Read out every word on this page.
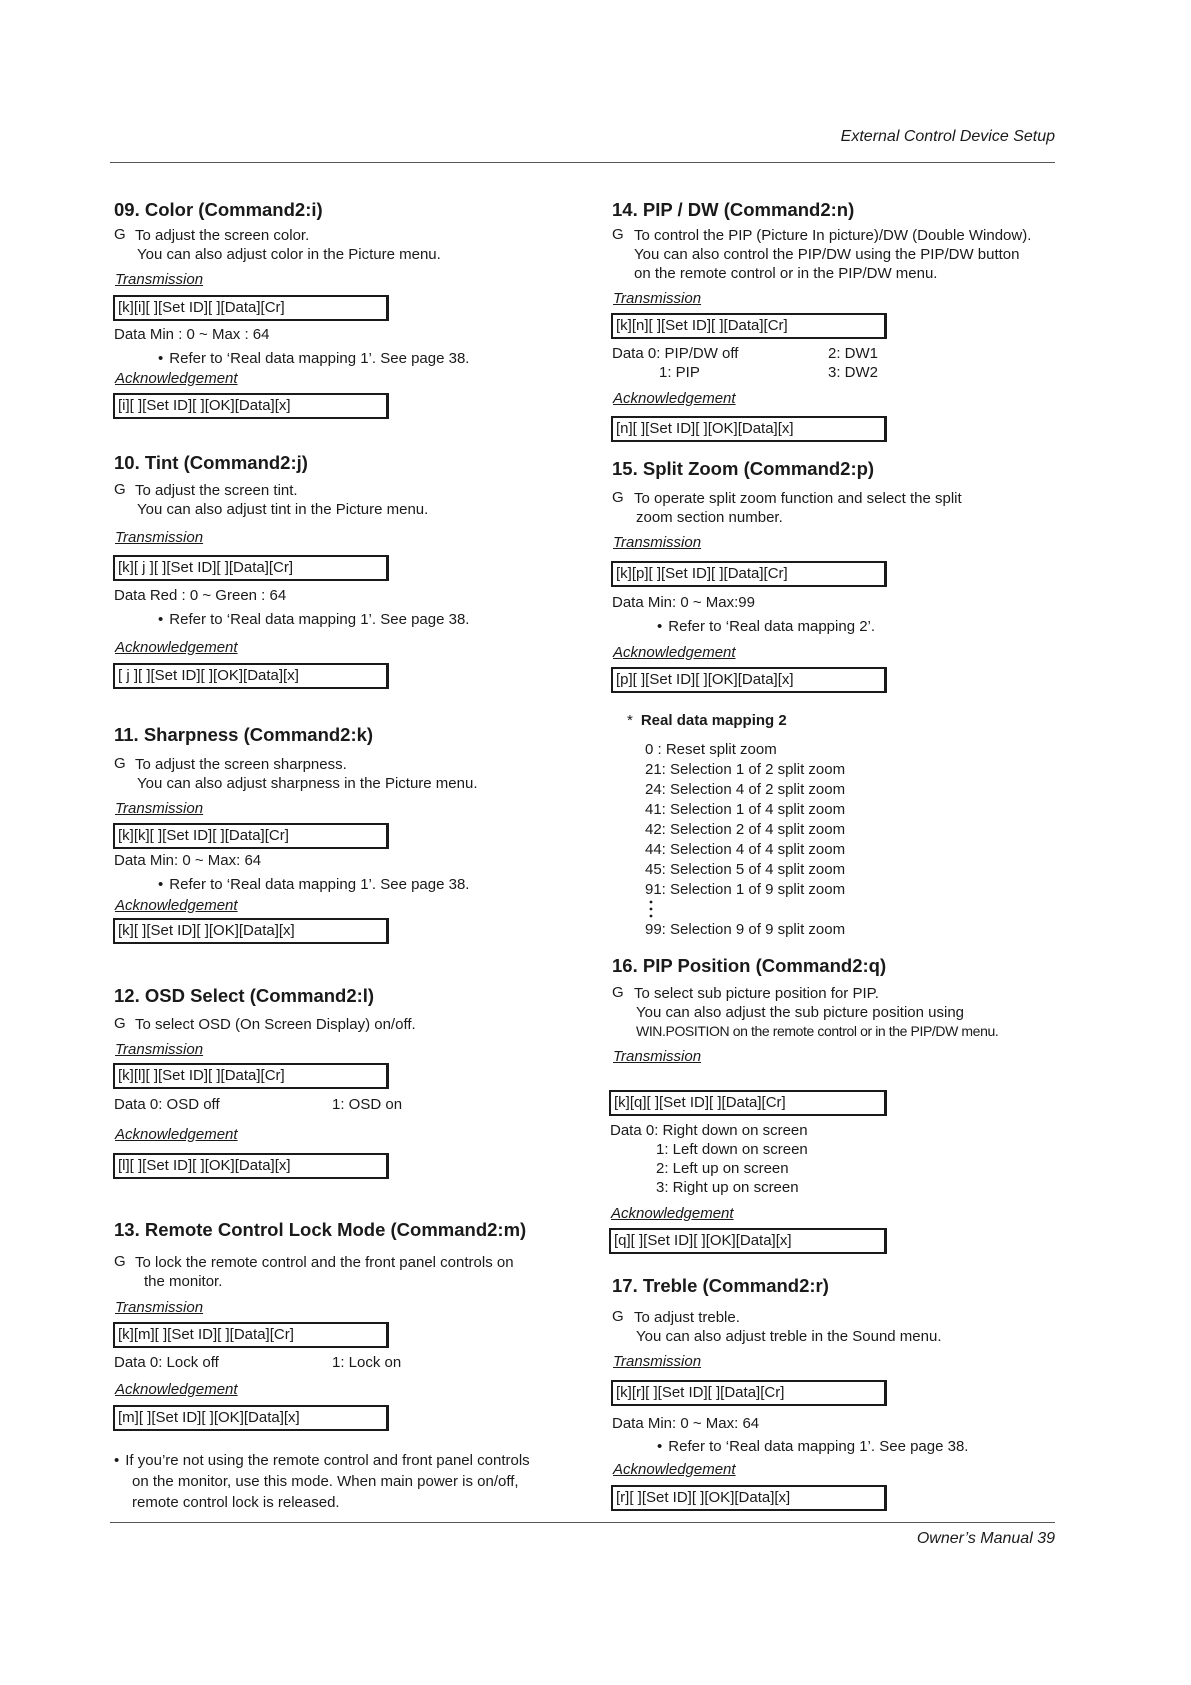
External Control Device Setup
09. Color (Command2:i)
G To adjust the screen color.
You can also adjust color in the Picture menu.
Transmission
[k][i][ ][Set ID][ ][Data][Cr]
Data Min : 0 ~ Max : 64
• Refer to ‘Real data mapping 1’. See page 38.
Acknowledgement
[i][ ][Set ID][ ][OK][Data][x]
10. Tint (Command2:j)
G To adjust the screen tint.
You can also adjust tint in the Picture menu.
Transmission
[k][ j ][ ][Set ID][ ][Data][Cr]
Data Red : 0 ~ Green : 64
• Refer to ‘Real data mapping 1’. See page 38.
Acknowledgement
[ j ][ ][Set ID][ ][OK][Data][x]
11. Sharpness (Command2:k)
G To adjust the screen sharpness.
You can also adjust sharpness in the Picture menu.
Transmission
[k][k][ ][Set ID][ ][Data][Cr]
Data Min: 0 ~ Max: 64
• Refer to ‘Real data mapping 1’. See page 38.
Acknowledgement
[k][ ][Set ID][ ][OK][Data][x]
12. OSD Select (Command2:l)
G To select OSD (On Screen Display) on/off.
Transmission
[k][l][ ][Set ID][ ][Data][Cr]
Data 0: OSD off	1: OSD on
Acknowledgement
[l][ ][Set ID][ ][OK][Data][x]
13. Remote Control Lock Mode (Command2:m)
G To lock the remote control and the front panel controls on
the monitor.
Transmission
[k][m][ ][Set ID][ ][Data][Cr]
Data 0: Lock off	1: Lock on
Acknowledgement
[m][ ][Set ID][ ][OK][Data][x]
• If you’re not using the remote control and front panel controls
on the monitor, use this mode. When main power is on/off,
remote control lock is released.
14. PIP / DW (Command2:n)
G To control the PIP (Picture In picture)/DW (Double Window).
You can also control the PIP/DW using the PIP/DW button
on the remote control or in the PIP/DW menu.
Transmission
[k][n][ ][Set ID][ ][Data][Cr]
Data 0: PIP/DW off
1: PIP
2: DW1
3: DW2
Acknowledgement
[n][ ][Set ID][ ][OK][Data][x]
15. Split Zoom (Command2:p)
G To operate split zoom function and select the split
zoom section number.
Transmission
[k][p][ ][Set ID][ ][Data][Cr]
Data Min: 0 ~ Max:99
• Refer to ‘Real data mapping 2’.
Acknowledgement
[p][ ][Set ID][ ][OK][Data][x]
* Real data mapping 2
0 : Reset split zoom
21: Selection 1 of 2 split zoom
24: Selection 4 of 2 split zoom
41: Selection 1 of 4 split zoom
42: Selection 2 of 4 split zoom
44: Selection 4 of 4 split zoom
45: Selection 5 of 4 split zoom
91: Selection 1 of 9 split zoom
99: Selection 9 of 9 split zoom
16. PIP Position (Command2:q)
G To select sub picture position for PIP.
You can also adjust the sub picture position using
WIN.POSITION on the remote control or in the PIP/DW menu.
Transmission
[k][q][ ][Set ID][ ][Data][Cr]
Data 0: Right down on screen
1: Left down on screen
2: Left up on screen
3: Right up on screen
Acknowledgement
[q][ ][Set ID][ ][OK][Data][x]
17. Treble (Command2:r)
G To adjust treble.
You can also adjust treble in the Sound menu.
Transmission
[k][r][ ][Set ID][ ][Data][Cr]
Data Min: 0 ~ Max: 64
• Refer to ‘Real data mapping 1’. See page 38.
Acknowledgement
[r][ ][Set ID][ ][OK][Data][x]
Owner’s Manual 39
